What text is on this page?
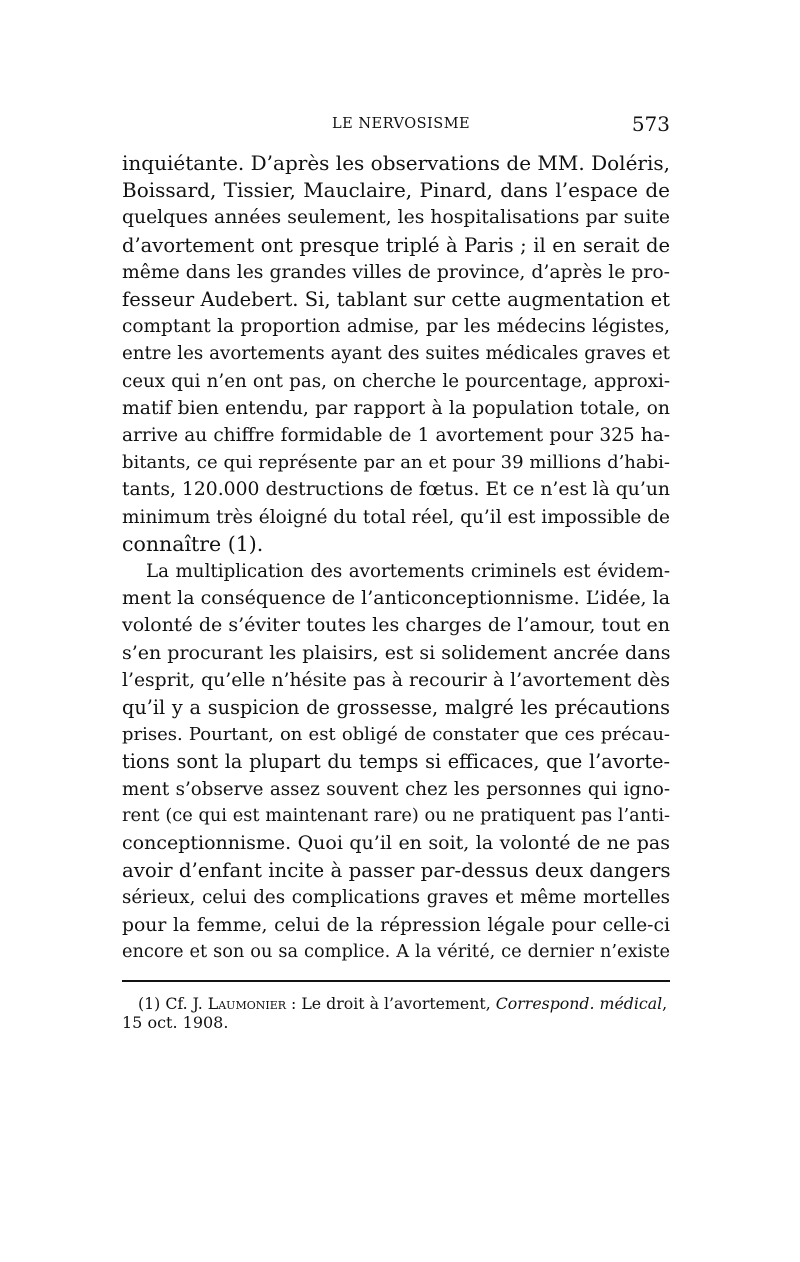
LE NERVOSISME	573
inquiétante. D’après les observations de MM. Doléris,
Boissard, Tissier, Mauclaire, Pinard, dans l’espace de
quelques années seulement, les hospitalisations par suite
d’avortement ont presque triplé à Paris ; il en serait de
même dans les grandes villes de province, d’après le pro-
fesseur Audebert. Si, tablant sur cette augmentation et
comptant la proportion admise, par les médecins légistes,
entre les avortements ayant des suites médicales graves et
ceux qui n’en ont pas, on cherche le pourcentage, approxi-
matif bien entendu, par rapport à la population totale, on
arrive au chiffre formidable de 1 avortement pour 325 ha-
bitants, ce qui représente par an et pour 39 millions d’habi-
tants, 120.000 destructions de fœtus. Et ce n’est là qu’un
minimum très éloigné du total réel, qu’il est impossible de
connaître (1).
La multiplication des avortements criminels est évidem-
ment la conséquence de l’anticonceptionnisme. L’idée, la
volonté de s’éviter toutes les charges de l’amour, tout en
s’en procurant les plaisirs, est si solidement ancrée dans
l’esprit, qu’elle n’hésite pas à recourir à l’avortement dès
qu’il y a suspicion de grossesse, malgré les précautions
prises. Pourtant, on est obligé de constater que ces précau-
tions sont la plupart du temps si efficaces, que l’avorte-
ment s’observe assez souvent chez les personnes qui igno-
rent (ce qui est maintenant rare) ou ne pratiquent pas l’anti-
conceptionnisme. Quoi qu’il en soit, la volonté de ne pas
avoir d’enfant incite à passer par-dessus deux dangers
sérieux, celui des complications graves et même mortelles
pour la femme, celui de la répression légale pour celle-ci
encore et son ou sa complice. A la vérité, ce dernier n’existe
(1) Cf. J. Laumonier : Le droit à l’avortement, Correspond. médical,
15 oct. 1908.
